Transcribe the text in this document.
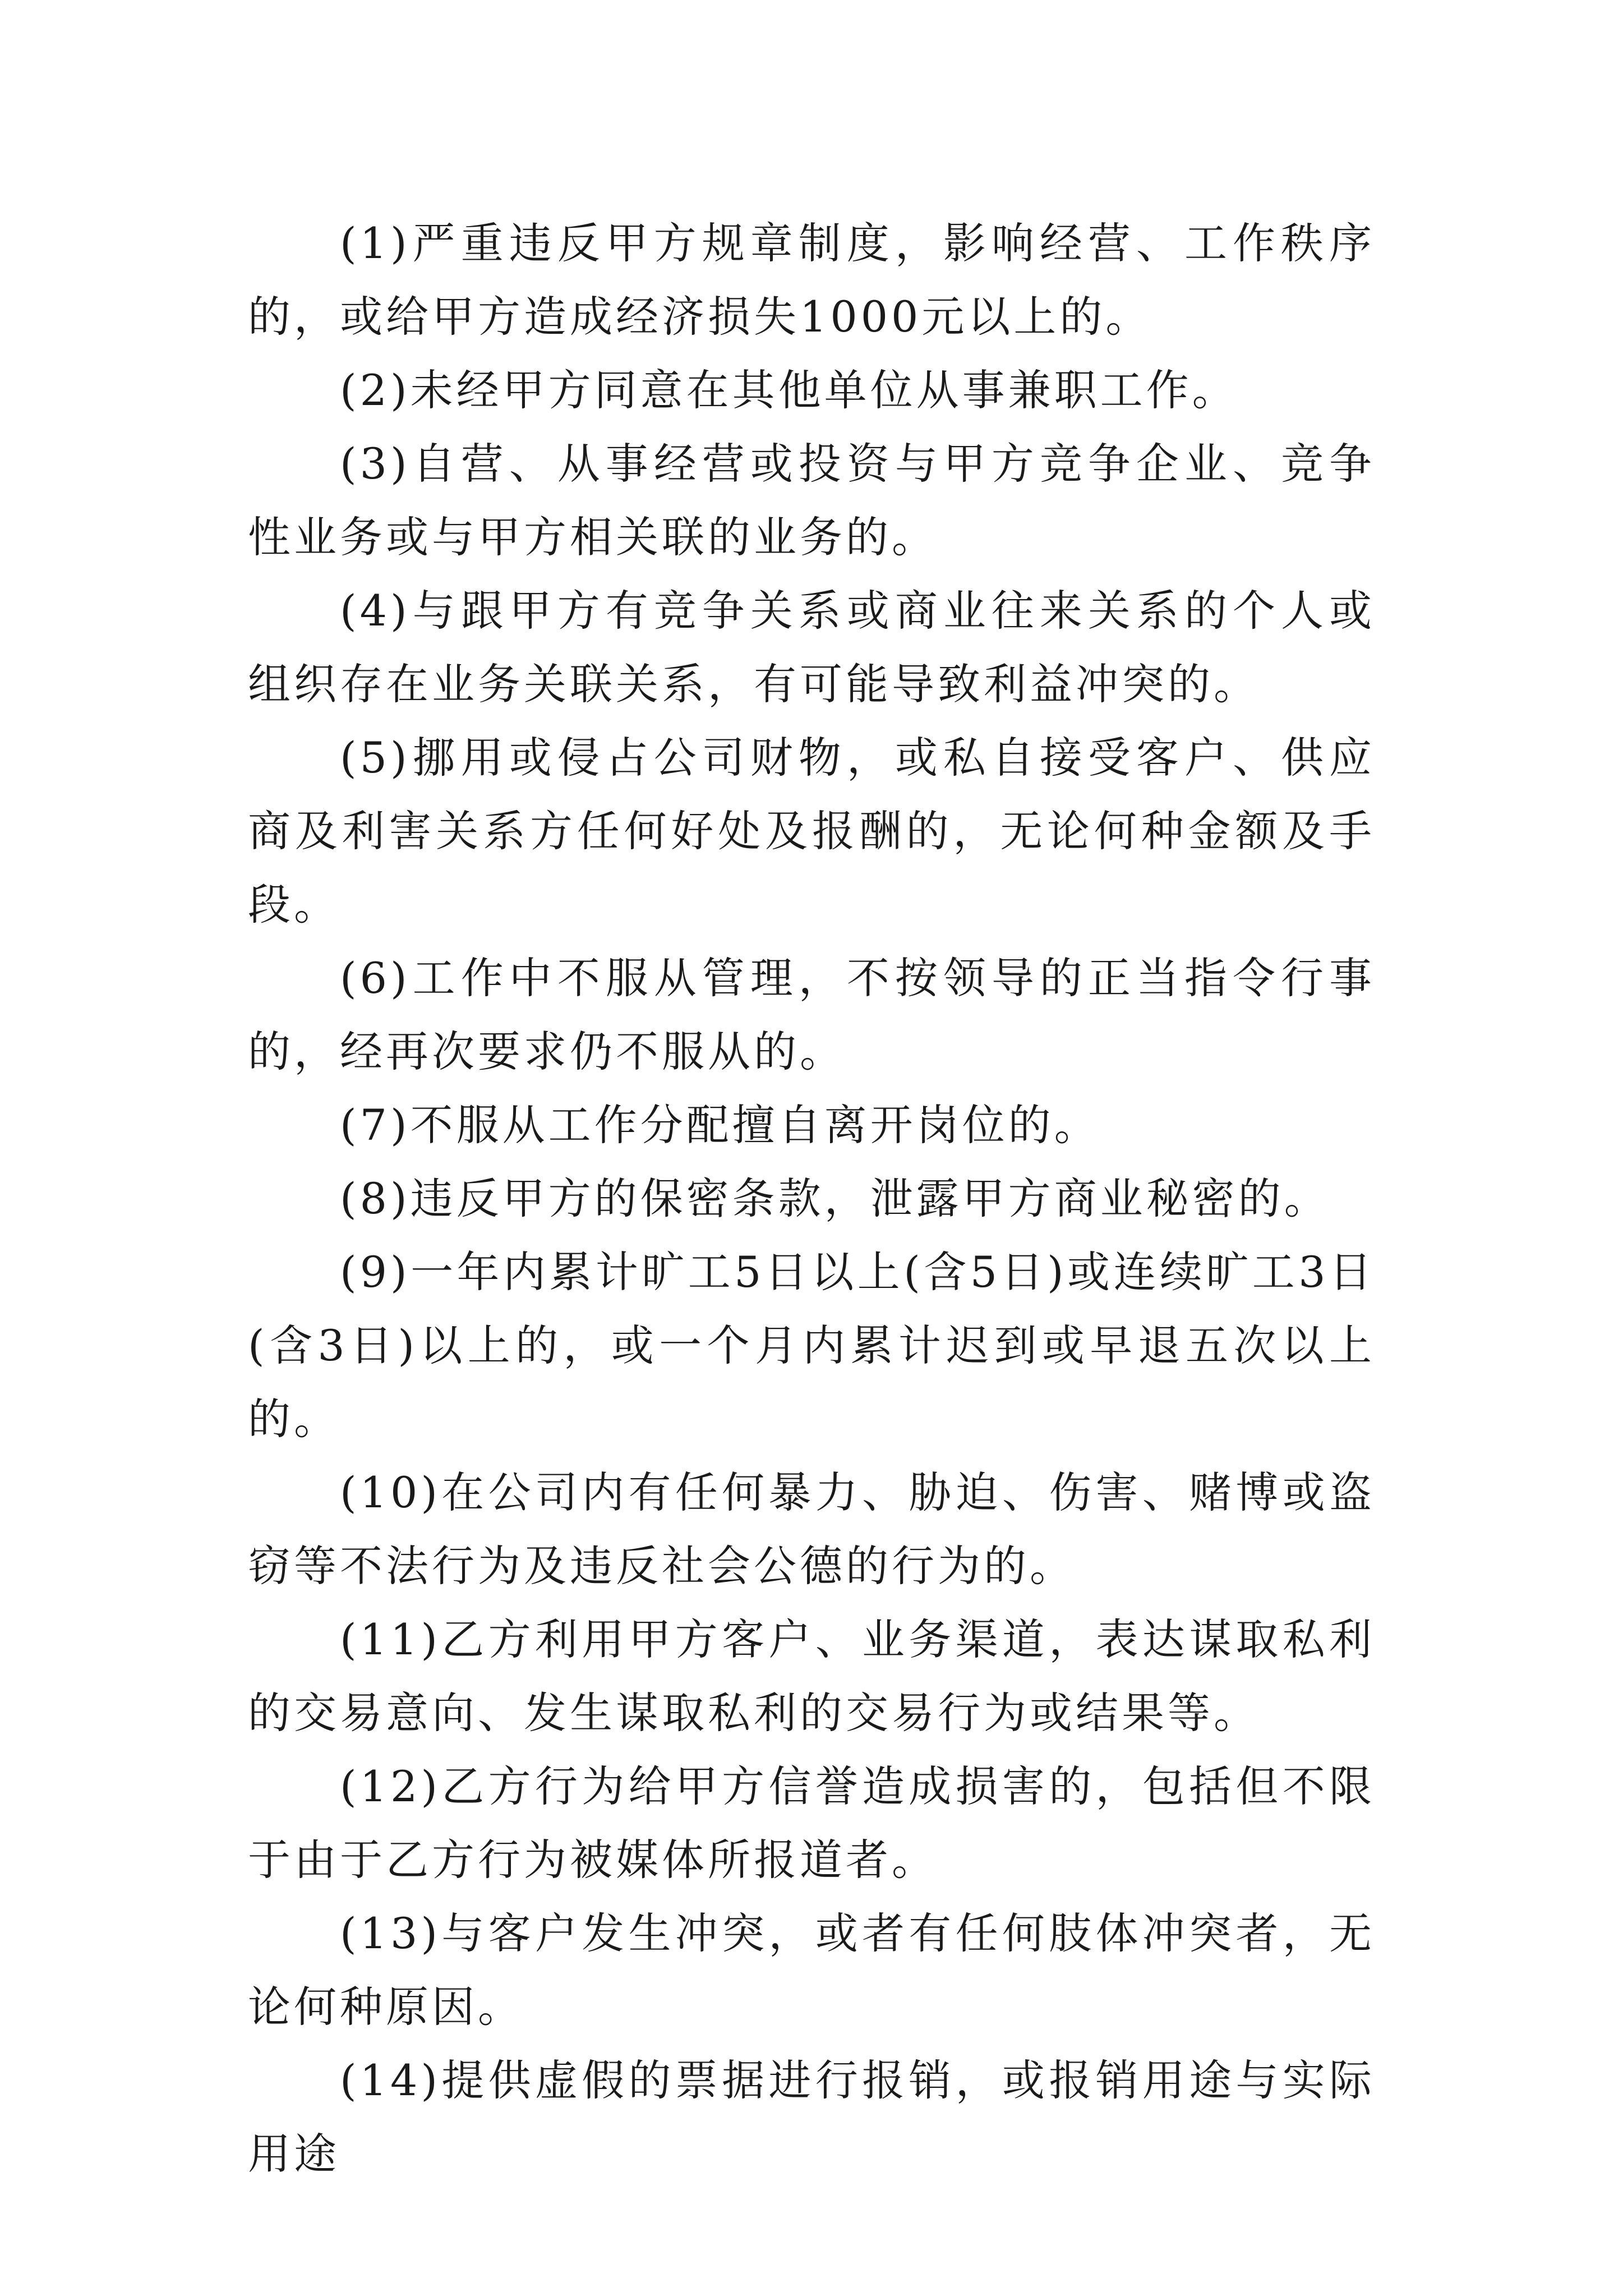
(1)严重违反甲方规章制度，影响经营、工作秩序的，或给甲方造成经济损失1000元以上的。

(2)未经甲方同意在其他单位从事兼职工作。

(3)自营、从事经营或投资与甲方竞争企业、竞争性业务或与甲方相关联的业务的。

(4)与跟甲方有竞争关系或商业往来关系的个人或组织存在业务关联关系，有可能导致利益冲突的。

(5)挪用或侵占公司财物，或私自接受客户、供应商及利害关系方任何好处及报酬的，无论何种金额及手段。

(6)工作中不服从管理，不按领导的正当指令行事的，经再次要求仍不服从的。

(7)不服从工作分配擅自离开岗位的。

(8)违反甲方的保密条款，泄露甲方商业秘密的。

(9)一年内累计旷工5日以上(含5日)或连续旷工3日(含3日)以上的，或一个月内累计迟到或早退五次以上的。

(10)在公司内有任何暴力、胁迫、伤害、赌博或盗窃等不法行为及违反社会公德的行为的。

(11)乙方利用甲方客户、业务渠道，表达谋取私利的交易意向、发生谋取私利的交易行为或结果等。

(12)乙方行为给甲方信誉造成损害的，包括但不限于由于乙方行为被媒体所报道者。

(13)与客户发生冲突，或者有任何肢体冲突者，无论何种原因。

(14)提供虚假的票据进行报销，或报销用途与实际用途
